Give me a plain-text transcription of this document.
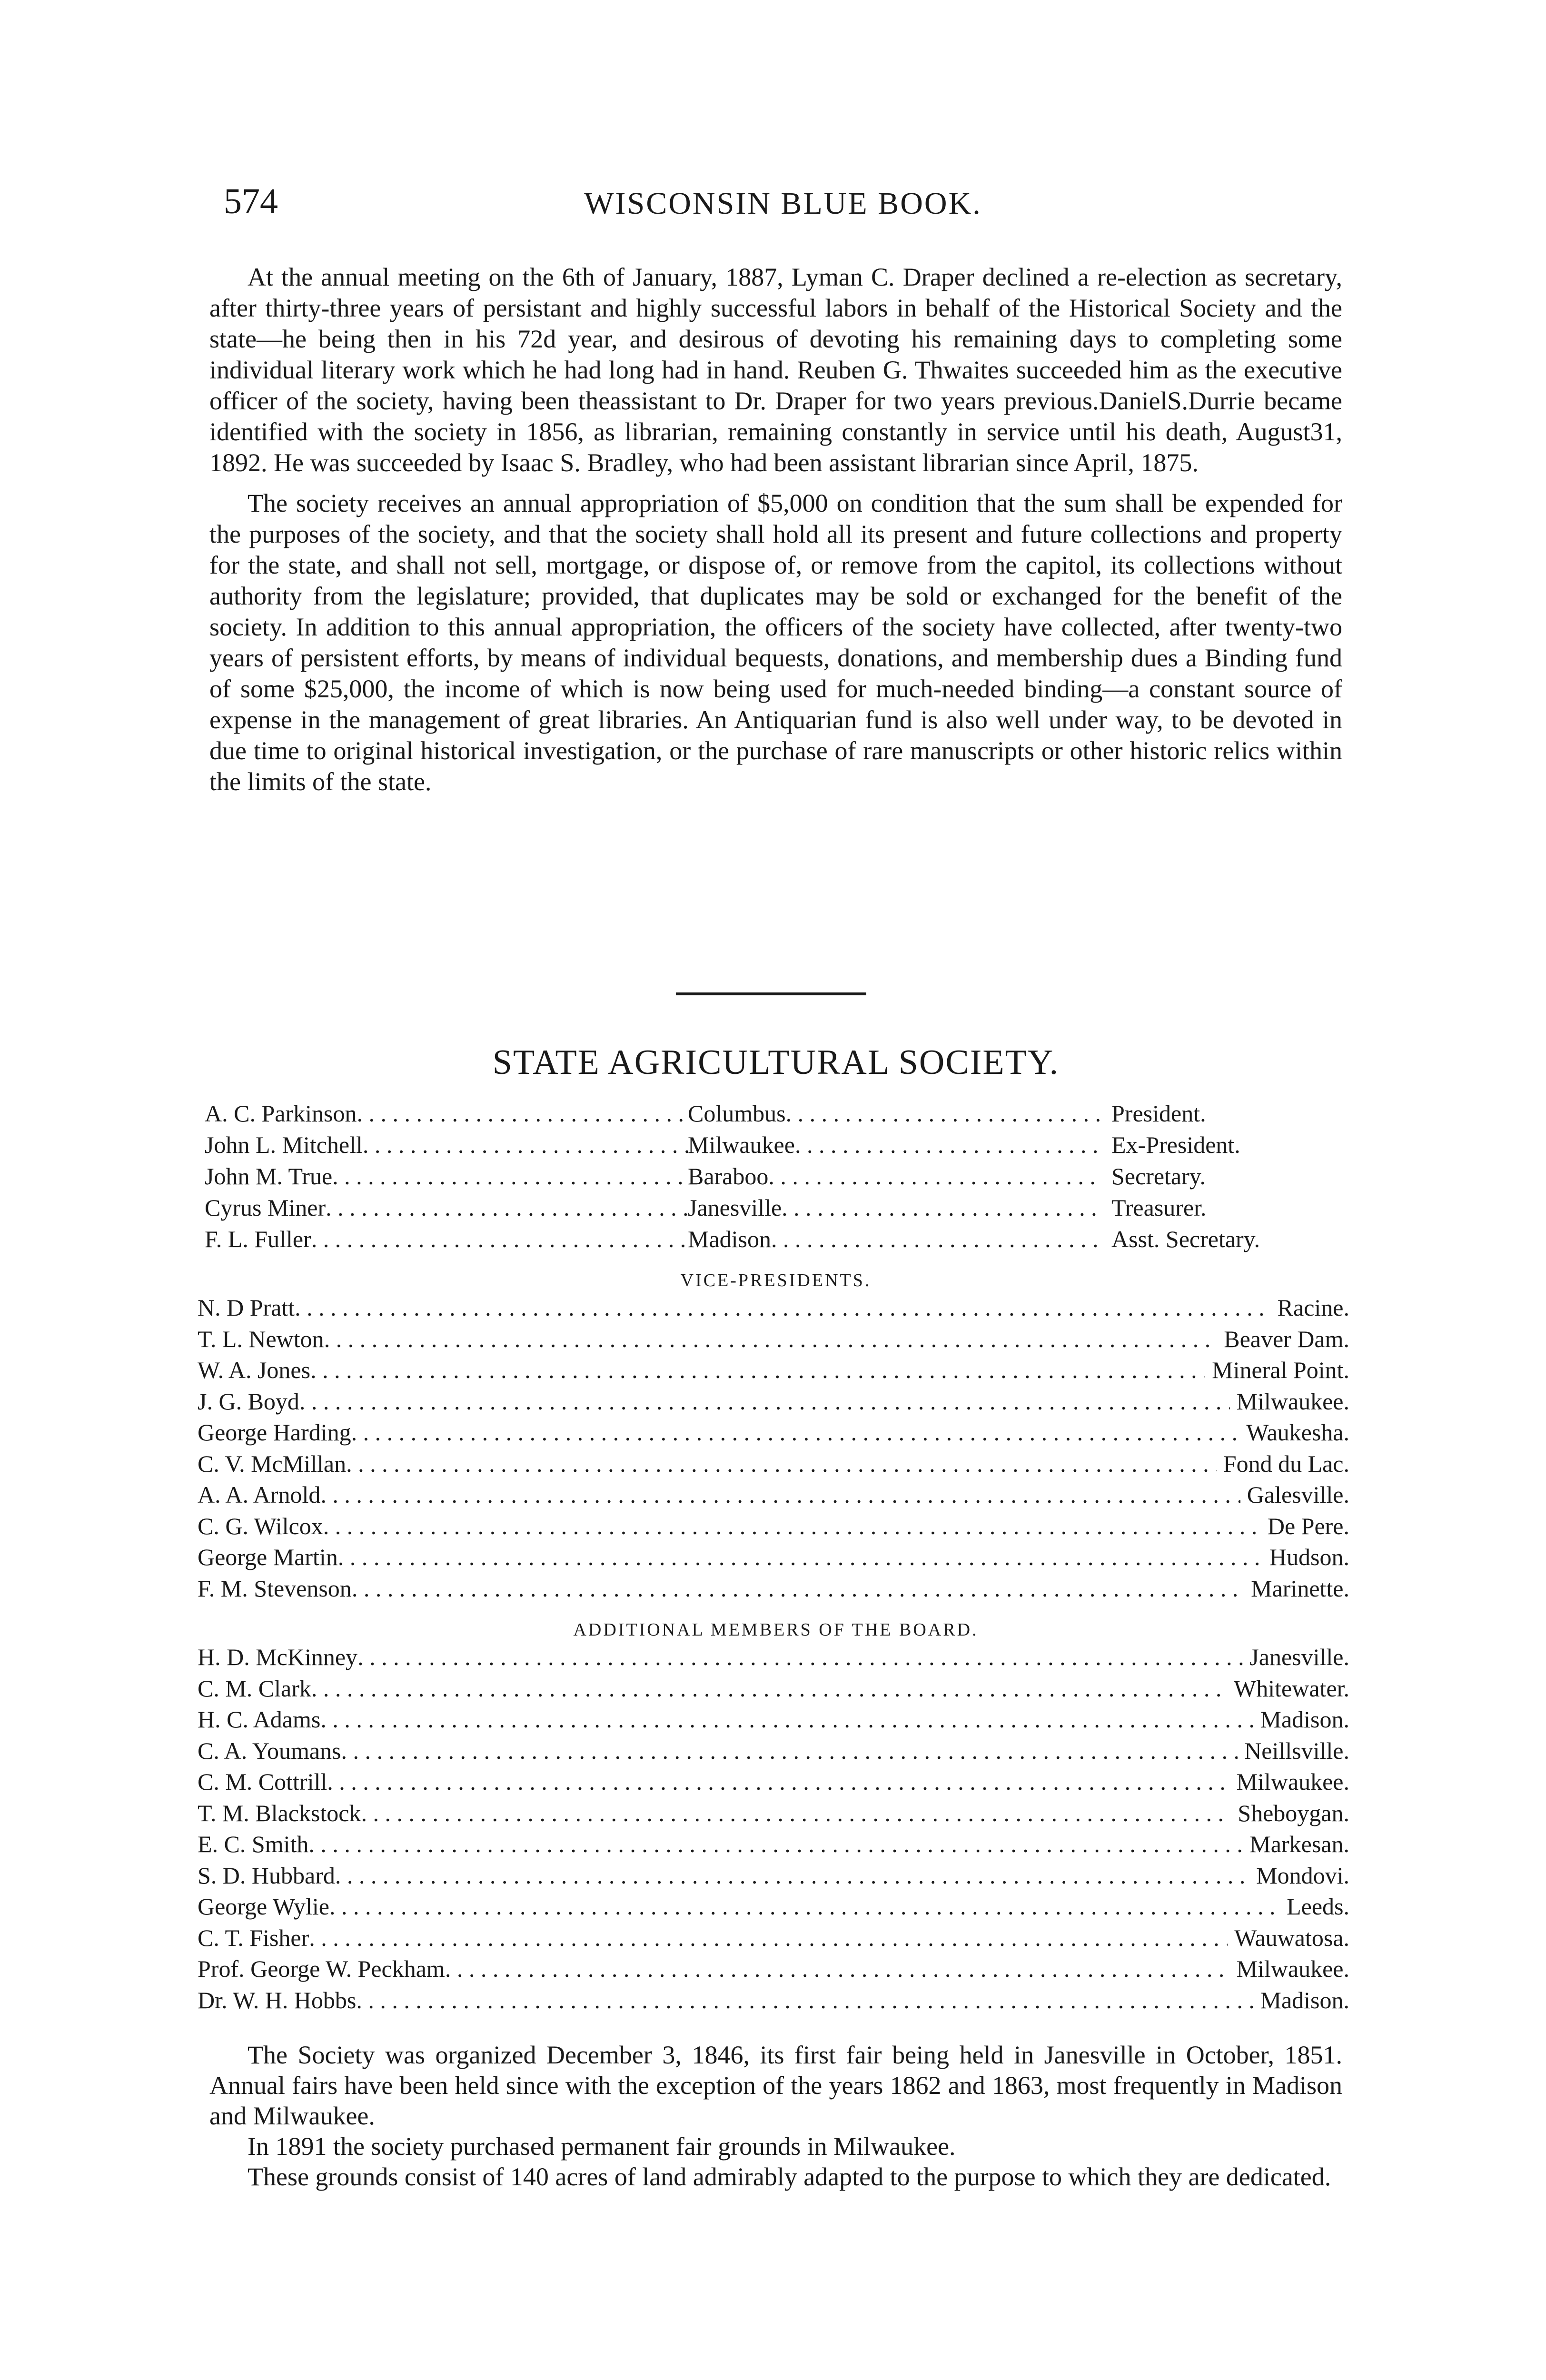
574	WISCONSIN BLUE BOOK.

At the annual meeting on the 6th of January, 1887, Lyman C. Draper declined a re-election as secretary, after thirty-three years of persistant and highly successful labors in behalf of the Historical Society and the state—he being then in his 72d year, and desirous of devoting his remaining days to completing some individual literary work which he had long had in hand. Reuben G. Thwaites succeeded him as the executive officer of the society, having been theassistant to Dr. Draper for two years previous.DanielS.Durrie became identified with the society in 1856, as librarian, remaining constantly in service until his death, August31, 1892. He was succeeded by Isaac S. Bradley, who had been assistant librarian since April, 1875.

The society receives an annual appropriation of $5,000 on condition that the sum shall be expended for the purposes of the society, and that the society shall hold all its present and future collections and property for the state, and shall not sell, mortgage, or dispose of, or remove from the capitol, its collections without authority from the legislature; provided, that duplicates may be sold or exchanged for the benefit of the society. In addition to this annual appropriation, the officers of the society have collected, after twenty-two years of persistent efforts, by means of individual bequests, donations, and membership dues a Binding fund of some $25,000, the income of which is now being used for much-needed binding—a constant source of expense in the management of great libraries. An Antiquarian fund is also well under way, to be devoted in due time to original historical investigation, or the purchase of rare manuscripts or other historic relics within the limits of the state.

STATE AGRICULTURAL SOCIETY.
A. C. Parkinson . . .	Columbus . . .	President.
John L. Mitchell . . .	Milwaukee . . .	Ex-President.
John M. True . . .	Baraboo . . .	Secretary.
Cyrus Miner . . .	Janesville . . .	Treasurer.
F. L. Fuller . . .	Madison . . .	Asst. Secretary.
VICE-PRESIDENTS.
N. D Pratt . . .	Racine.
T. L. Newton . . .	Beaver Dam.
W. A. Jones . . .	Mineral Point.
J. G. Boyd . . .	Milwaukee.
George Harding . . .	Waukesha.
C. V. McMillan . . .	Fond du Lac.
A. A. Arnold . . .	Galesville.
C. G. Wilcox . . .	De Pere.
George Martin . . .	Hudson.
F. M. Stevenson . . .	Marinette.
ADDITIONAL MEMBERS OF THE BOARD.
H. D. McKinney . . .	Janesville.
C. M. Clark . . .	Whitewater.
H. C. Adams . . .	Madison.
C. A. Youmans . . .	Neillsville.
C. M. Cottrill . . .	Milwaukee.
T. M. Blackstock . . .	Sheboygan.
E. C. Smith . . .	Markesan.
S. D. Hubbard . . .	Mondovi.
George Wylie . . .	Leeds.
C. T. Fisher . . .	Wauwatosa.
Prof. George W. Peckham . . .	Milwaukee.
Dr. W. H. Hobbs . . .	Madison.

The Society was organized December 3, 1846, its first fair being held in Janesville in October, 1851. Annual fairs have been held since with the exception of the years 1862 and 1863, most frequently in Madison and Milwaukee.

In 1891 the society purchased permanent fair grounds in Milwaukee.

These grounds consist of 140 acres of land admirably adapted to the purpose to which they are dedicated.
